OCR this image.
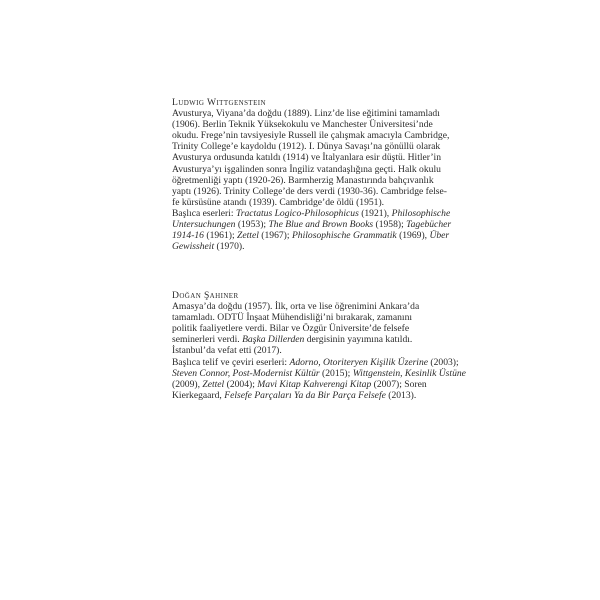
Ludwig Wittgenstein
Avusturya, Viyana’da doğdu (1889). Linz’de lise eğitimini tamamladı
(1906). Berlin Teknik Yüksekokulu ve Manchester Üniversitesi’nde
okudu. Frege’nin tavsiyesiyle Russell ile çalışmak amacıyla Cambridge,
Trinity College’e kaydoldu (1912). I. Dünya Savaşı’na gönüllü olarak
Avusturya ordusunda katıldı (1914) ve İtalyanlara esir düştü. Hitler’in
Avusturya’yı işgalinden sonra İngiliz vatandaşlığına geçti. Halk okulu
öğretmenliği yaptı (1920-26). Barmherzig Manastırında bahçıvanlık
yaptı (1926). Trinity College’de ders verdi (1930-36). Cambridge felse-
fe kürsüsüne atandı (1939). Cambridge’de öldü (1951).
Başlıca eserleri: Tractatus Logico-Philosophicus (1921), Philosophische Untersuchungen (1953); The Blue and Brown Books (1958); Tagebücher 1914-16 (1961); Zettel (1967); Philosophische Grammatik (1969), Über Gewissheit (1970).
Doğan Şahiner
Amasya’da doğdu (1957). İlk, orta ve lise öğrenimini Ankara’da
tamamladı. ODTÜ İnşaat Mühendisliği’ni bırakarak, zamanını
politik faaliyetlere verdi. Bilar ve Özgür Üniversite’de felsefe
seminerleri verdi. Başka Dillerden dergisinin yayımına katıldı.
İstanbul’da vefat etti (2017).
Başlıca telif ve çeviri eserleri: Adorno, Otoriteryen Kişilik Üzerine (2003); Steven Connor, Post-Modernist Kültür (2015); Wittgenstein, Kesinlik Üstüne (2009), Zettel (2004); Mavi Kitap Kahverengi Kitap (2007); Soren Kierkegaard, Felsefe Parçaları Ya da Bir Parça Felsefe (2013).
